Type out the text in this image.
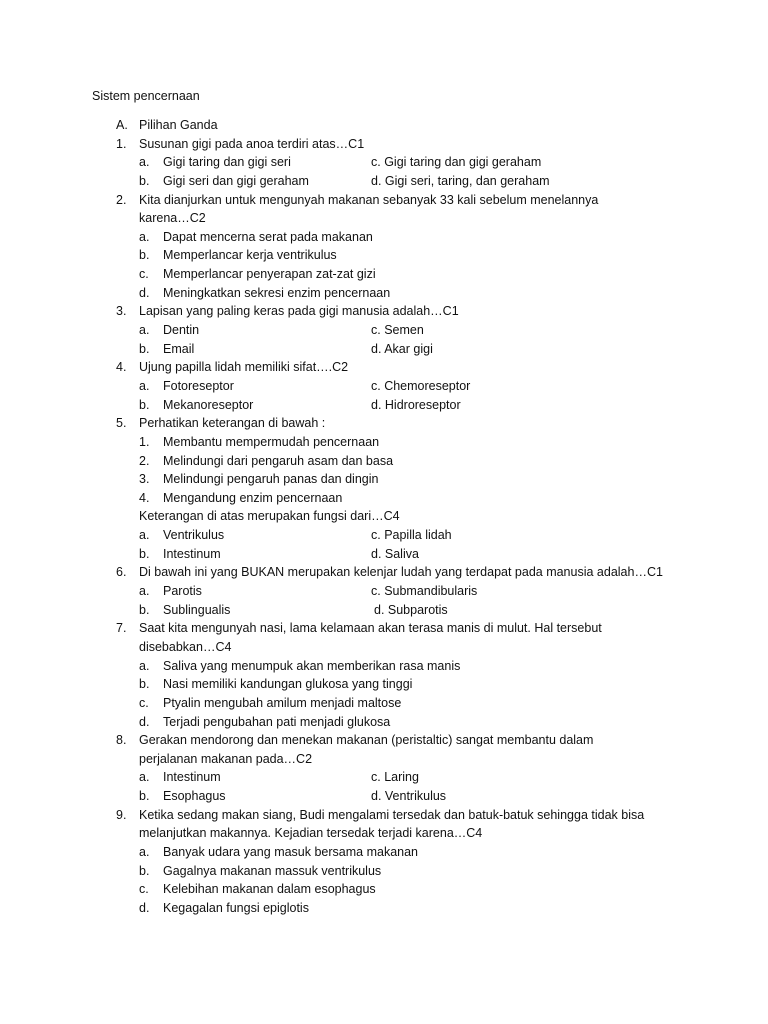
Sistem pencernaan
A. Pilihan Ganda
1. Susunan gigi pada anoa terdiri atas…C1
a. Gigi taring dan gigi seri	c. Gigi taring dan gigi geraham
b. Gigi seri dan gigi geraham	d. Gigi seri, taring, dan geraham
2. Kita dianjurkan untuk mengunyah makanan sebanyak 33 kali sebelum menelannya
karena…C2
a. Dapat mencerna serat pada makanan
b. Memperlancar kerja ventrikulus
c. Memperlancar penyerapan zat-zat gizi
d. Meningkatkan sekresi enzim pencernaan
3. Lapisan yang paling keras pada gigi manusia adalah…C1
a. Dentin	c. Semen
b. Email	d. Akar gigi
4. Ujung papilla lidah memiliki sifat….C2
a. Fotoreseptor	c. Chemoreseptor
b. Mekanoreseptor	d. Hidroreseptor
5. Perhatikan keterangan di bawah :
1. Membantu mempermudah pencernaan
2. Melindungi dari pengaruh asam dan basa
3. Melindungi pengaruh panas dan dingin
4. Mengandung enzim pencernaan
Keterangan di atas merupakan fungsi dari…C4
a. Ventrikulus	c. Papilla lidah
b. Intestinum	d. Saliva
6. Di bawah ini yang BUKAN merupakan kelenjar ludah yang terdapat pada manusia adalah…C1
a. Parotis	c. Submandibularis
b. Sublingualis	d. Subparotis
7. Saat kita mengunyah nasi, lama kelamaan akan terasa manis di mulut. Hal tersebut
disebabkan…C4
a. Saliva yang menumpuk akan memberikan rasa manis
b. Nasi memiliki kandungan glukosa yang tinggi
c. Ptyalin mengubah amilum menjadi maltose
d. Terjadi pengubahan pati menjadi glukosa
8. Gerakan mendorong dan menekan makanan (peristaltic) sangat membantu dalam
perjalanan makanan pada…C2
a. Intestinum	c. Laring
b. Esophagus	d. Ventrikulus
9. Ketika sedang makan siang, Budi mengalami tersedak dan batuk-batuk sehingga tidak bisa
melanjutkan makannya. Kejadian tersedak terjadi karena…C4
a. Banyak udara yang masuk bersama makanan
b. Gagalnya makanan massuk ventrikulus
c. Kelebihan makanan dalam esophagus
d. Kegagalan fungsi epiglotis
